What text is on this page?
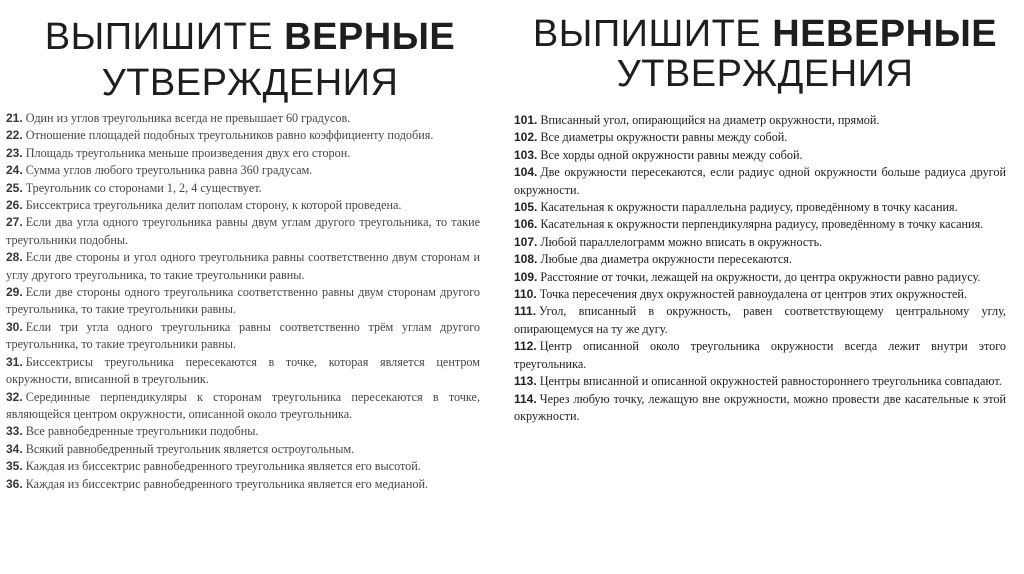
ВЫПИШИТЕ ВЕРНЫЕ
УТВЕРЖДЕНИЯ
ВЫПИШИТЕ НЕВЕРНЫЕ
УТВЕРЖДЕНИЯ
21. Один из углов треугольника всегда не превышает 60 градусов.
22. Отношение площадей подобных треугольников равно коэффициенту подобия.
23. Площадь треугольника меньше произведения двух его сторон.
24. Сумма углов любого треугольника равна 360 градусам.
25. Треугольник со сторонами 1, 2, 4 существует.
26. Биссектриса треугольника делит пополам сторону, к которой проведена.
27. Если два угла одного треугольника равны двум углам другого треугольника, то такие треугольники подобны.
28. Если две стороны и угол одного треугольника равны соответственно двум сторонам и углу другого треугольника, то такие треугольники равны.
29. Если две стороны одного треугольника соответственно равны двум сторонам другого треугольника, то такие треугольники равны.
30. Если три угла одного треугольника равны соответственно трём углам другого треугольника, то такие треугольники равны.
31. Биссектрисы треугольника пересекаются в точке, которая является центром окружности, вписанной в треугольник.
32. Серединные перпендикуляры к сторонам треугольника пересекаются в точке, являющейся центром окружности, описанной около треугольника.
33. Все равнобедренные треугольники подобны.
34. Всякий равнобедренный треугольник является остроугольным.
35. Каждая из биссектрис равнобедренного треугольника является его высотой.
36. Каждая из биссектрис равнобедренного треугольника является его медианой.
101. Вписанный угол, опирающийся на диаметр окружности, прямой.
102. Все диаметры окружности равны между собой.
103. Все хорды одной окружности равны между собой.
104. Две окружности пересекаются, если радиус одной окружности больше радиуса другой окружности.
105. Касательная к окружности параллельна радиусу, проведённому в точку касания.
106. Касательная к окружности перпендикулярна радиусу, проведённому в точку касания.
107. Любой параллелограмм можно вписать в окружность.
108. Любые два диаметра окружности пересекаются.
109. Расстояние от точки, лежащей на окружности, до центра окружности равно радиусу.
110. Точка пересечения двух окружностей равноудалена от центров этих окружностей.
111. Угол, вписанный в окружность, равен соответствующему центральному углу, опирающемуся на ту же дугу.
112. Центр описанной около треугольника окружности всегда лежит внутри этого треугольника.
113. Центры вписанной и описанной окружностей равностороннего треугольника совпадают.
114. Через любую точку, лежащую вне окружности, можно провести две касательные к этой окружности.
